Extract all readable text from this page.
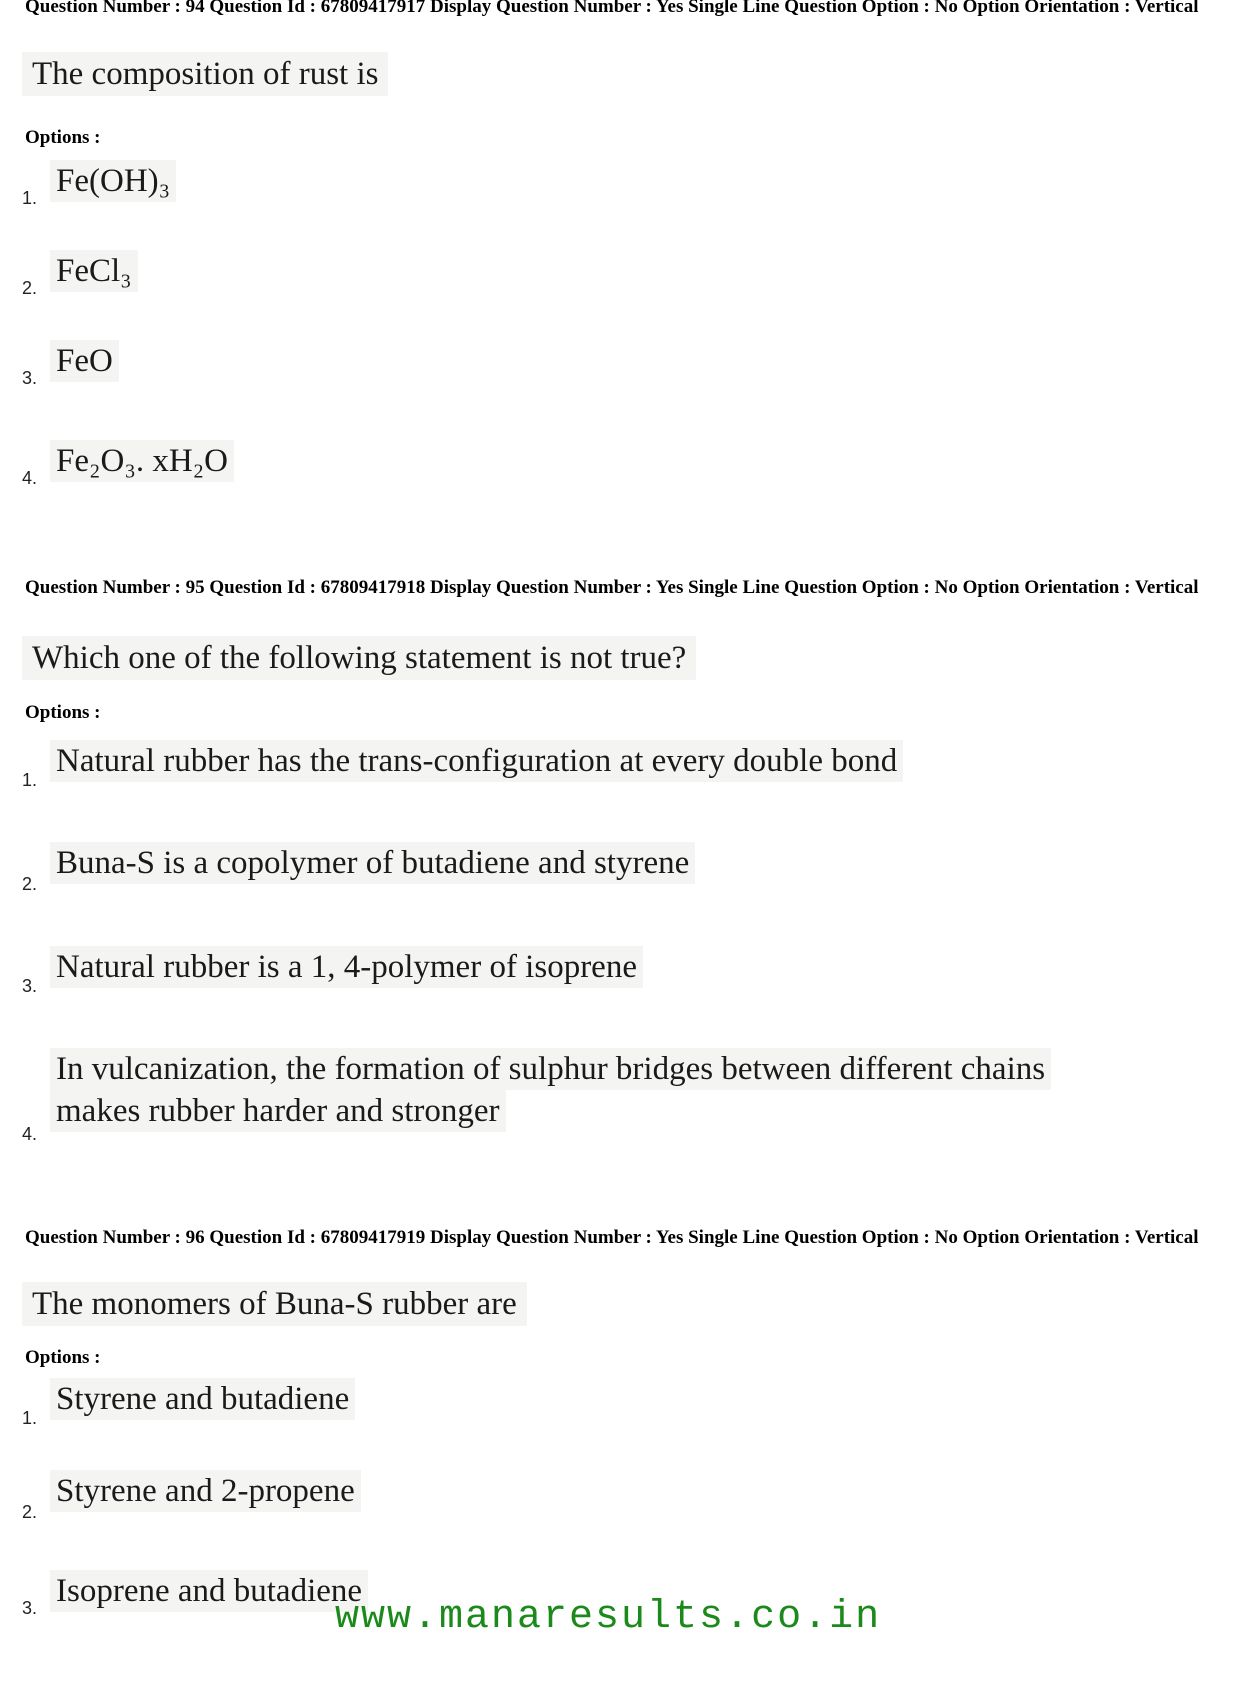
Question Number : 94 Question Id : 67809417917 Display Question Number : Yes Single Line Question Option : No Option Orientation : Vertical
The composition of rust is
Options :
1. Fe(OH)₃
2. FeCl₃
3. FeO
4. Fe₂O₃. xH₂O
Question Number : 95 Question Id : 67809417918 Display Question Number : Yes Single Line Question Option : No Option Orientation : Vertical
Which one of the following statement is not true?
Options :
1.
Natural rubber has the trans-configuration at every double bond
2.
Buna-S is a copolymer of butadiene and styrene
3.
Natural rubber is a 1, 4-polymer of isoprene
4.
In vulcanization, the formation of sulphur bridges between different chains
makes rubber harder and stronger
Question Number : 96 Question Id : 67809417919 Display Question Number : Yes Single Line Question Option : No Option Orientation : Vertical
The monomers of Buna-S rubber are
Options :
1.
Styrene and butadiene
2.
Styrene and 2-propene
3. Isoprene and butadiene
www.manaresults.co.in
